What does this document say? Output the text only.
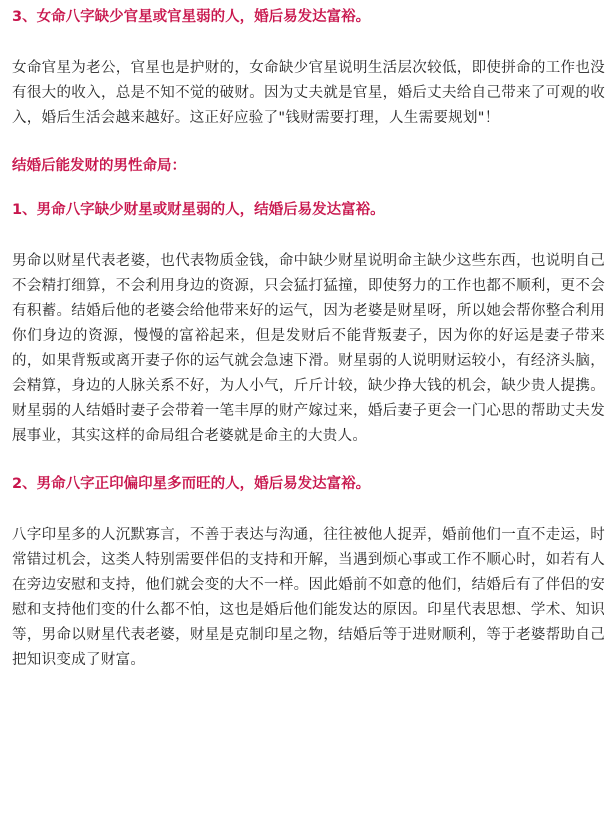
3、女命八字缺少官星或官星弱的人，婚后易发达富裕。

女命官星为老公，官星也是护财的，女命缺少官星说明生活层次较低，即使拼命的工作也没有很大的收入，总是不知不觉的破财。因为丈夫就是官星，婚后丈夫给自己带来了可观的收入，婚后生活会越来越好。这正好应验了"钱财需要打理，人生需要规划"！

结婚后能发财的男性命局：
1、男命八字缺少财星或财星弱的人，结婚后易发达富裕。

男命以财星代表老婆，也代表物质金钱，命中缺少财星说明命主缺少这些东西，也说明自己不会精打细算，不会利用身边的资源，只会猛打猛撞，即使努力的工作也都不顺利，更不会有积蓄。结婚后他的老婆会给他带来好的运气，因为老婆是财星呀，所以她会帮你整合利用你们身边的资源，慢慢的富裕起来，但是发财后不能背叛妻子，因为你的好运是妻子带来的，如果背叛或离开妻子你的运气就会急速下滑。财星弱的人说明财运较小，有经济头脑，会精算，身边的人脉关系不好，为人小气，斤斤计较，缺少挣大钱的机会，缺少贵人提携。财星弱的人结婚时妻子会带着一笔丰厚的财产嫁过来，婚后妻子更会一门心思的帮助丈夫发展事业，其实这样的命局组合老婆就是命主的大贵人。

2、男命八字正印偏印星多而旺的人，婚后易发达富裕。

八字印星多的人沉默寡言，不善于表达与沟通，往往被他人捉弄，婚前他们一直不走运，时常错过机会，这类人特别需要伴侣的支持和开解，当遇到烦心事或工作不顺心时，如若有人在旁边安慰和支持，他们就会变的大不一样。因此婚前不如意的他们，结婚后有了伴侣的安慰和支持他们变的什么都不怕，这也是婚后他们能发达的原因。印星代表思想、学术、知识等，男命以财星代表老婆，财星是克制印星之物，结婚后等于进财顺利，等于老婆帮助自己把知识变成了财富。
